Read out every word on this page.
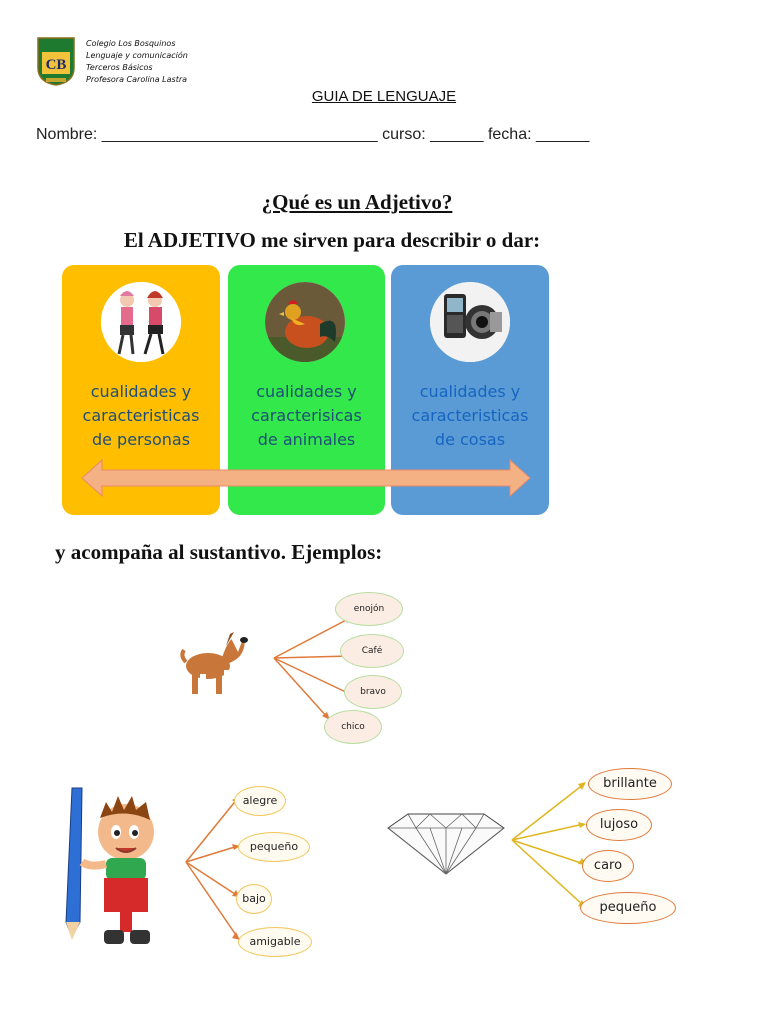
CB
Colegio Los Bosquinos
Lenguaje y comunicación
Terceros Básicos
Profesora Carolina Lastra
GUIA DE LENGUAJE
Nombre: _______________________________ curso: ______ fecha: ______
¿Qué es un Adjetivo?
El ADJETIVO me sirven para describir o dar:
cualidades y
caracteristicas
de personas
cualidades y
caracterisicas
de animales
cualidades y
caracteristicas
de cosas
y acompaña al sustantivo. Ejemplos:
enojón
Café
bravo
chico
alegre
pequeño
bajo
amigable
brillante
lujoso
caro
pequeño
